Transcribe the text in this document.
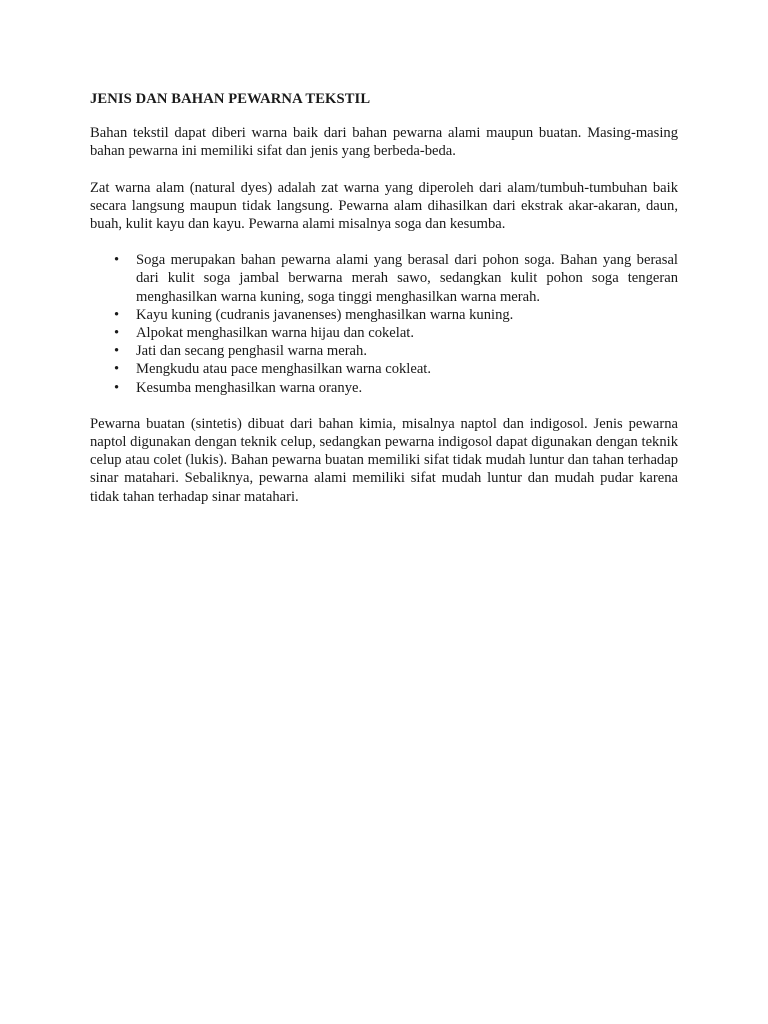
JENIS DAN BAHAN PEWARNA TEKSTIL

Bahan tekstil dapat diberi warna baik dari bahan pewarna alami maupun buatan. Masing-masing bahan pewarna ini memiliki sifat dan jenis yang berbeda-beda.

Zat warna alam (natural dyes) adalah zat warna yang diperoleh dari alam/tumbuh-tumbuhan baik secara langsung maupun tidak langsung. Pewarna alam dihasilkan dari ekstrak akar-akaran, daun, buah, kulit kayu dan kayu. Pewarna alami misalnya soga dan kesumba.

• Soga merupakan bahan pewarna alami yang berasal dari pohon soga. Bahan yang berasal dari kulit soga jambal berwarna merah sawo, sedangkan kulit pohon soga tengeran menghasilkan warna kuning, soga tinggi menghasilkan warna merah.
• Kayu kuning (cudranis javanenses) menghasilkan warna kuning.
• Alpokat menghasilkan warna hijau dan cokelat.
• Jati dan secang penghasil warna merah.
• Mengkudu atau pace menghasilkan warna cokleat.
• Kesumba menghasilkan warna oranye.

Pewarna buatan (sintetis) dibuat dari bahan kimia, misalnya naptol dan indigosol. Jenis pewarna naptol digunakan dengan teknik celup, sedangkan pewarna indigosol dapat digunakan dengan teknik celup atau colet (lukis). Bahan pewarna buatan memiliki sifat tidak mudah luntur dan tahan terhadap sinar matahari. Sebaliknya, pewarna alami memiliki sifat mudah luntur dan mudah pudar karena tidak tahan terhadap sinar matahari.
